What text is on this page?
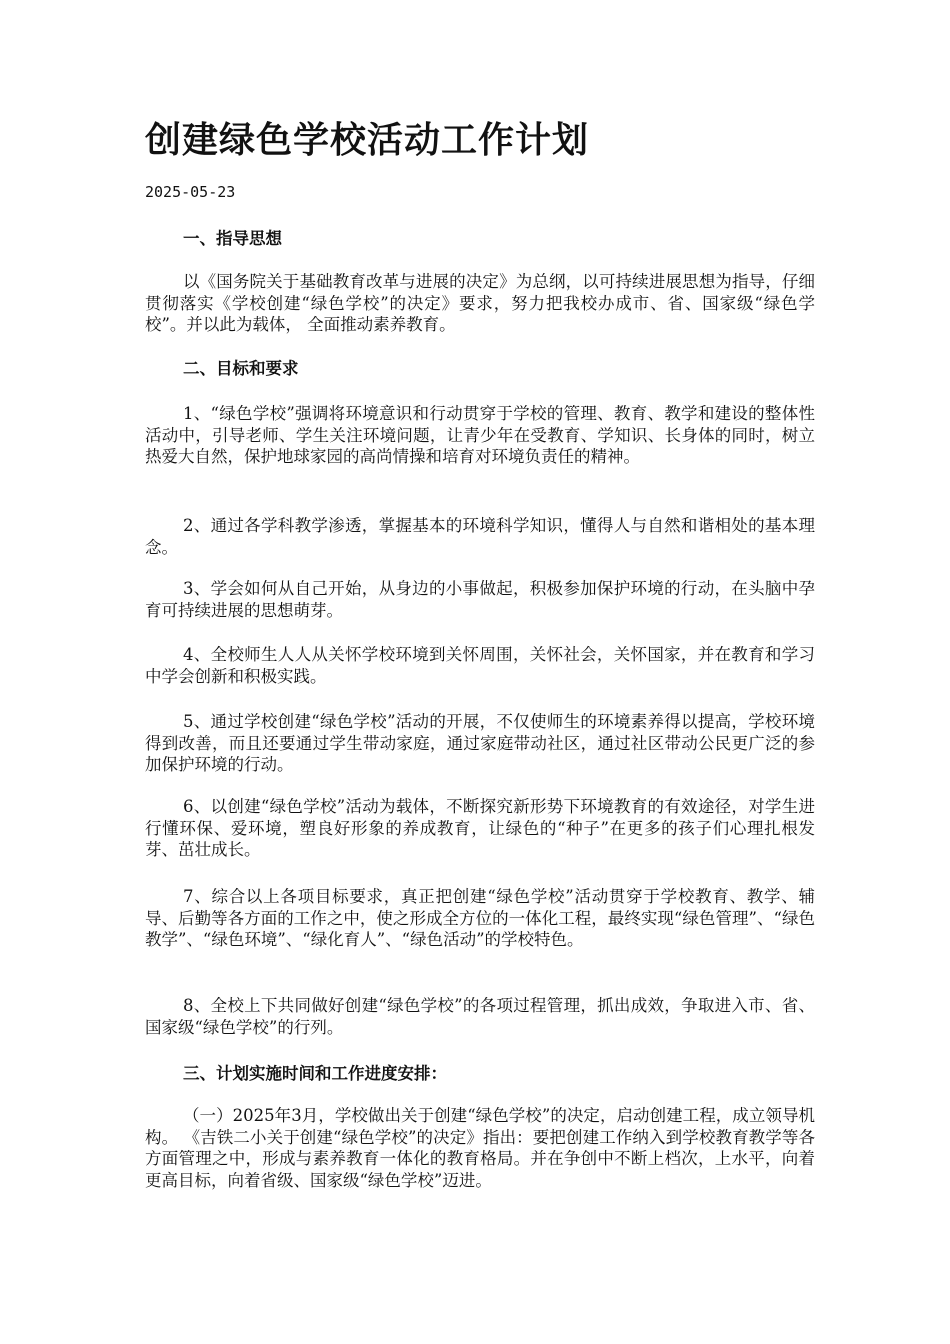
创建绿色学校活动工作计划
2025-05-23
一、指导思想
以《国务院关于基础教育改革与进展的决定》为总纲，以可持续进展思想为指导，仔细贯彻落实《学校创建“绿色学校”的决定》要求，努力把我校办成市、省、国家级“绿色学校”。并以此为载体， 全面推动素养教育。
二、目标和要求
1、“绿色学校”强调将环境意识和行动贯穿于学校的管理、教育、教学和建设的整体性活动中，引导老师、学生关注环境问题，让青少年在受教育、学知识、长身体的同时，树立热爱大自然，保护地球家园的高尚情操和培育对环境负责任的精神。
2、通过各学科教学渗透，掌握基本的环境科学知识，懂得人与自然和谐相处的基本理念。
3、学会如何从自己开始，从身边的小事做起，积极参加保护环境的行动，在头脑中孕育可持续进展的思想萌芽。
4、全校师生人人从关怀学校环境到关怀周围，关怀社会，关怀国家，并在教育和学习中学会创新和积极实践。
5、通过学校创建“绿色学校”活动的开展，不仅使师生的环境素养得以提高，学校环境得到改善，而且还要通过学生带动家庭，通过家庭带动社区，通过社区带动公民更广泛的参加保护环境的行动。
6、以创建“绿色学校”活动为载体，不断探究新形势下环境教育的有效途径，对学生进行懂环保、爱环境，塑良好形象的养成教育，让绿色的“种子”在更多的孩子们心理扎根发芽、茁壮成长。
7、综合以上各项目标要求，真正把创建“绿色学校”活动贯穿于学校教育、教学、辅导、后勤等各方面的工作之中，使之形成全方位的一体化工程，最终实现“绿色管理”、“绿色教学”、“绿色环境”、“绿化育人”、“绿色活动”的学校特色。
8、全校上下共同做好创建“绿色学校”的各项过程管理，抓出成效，争取进入市、省、国家级“绿色学校”的行列。
三、计划实施时间和工作进度安排：
（一）2025年3月，学校做出关于创建“绿色学校”的决定，启动创建工程，成立领导机构。 《吉铁二小关于创建“绿色学校”的决定》指出：要把创建工作纳入到学校教育教学等各方面管理之中，形成与素养教育一体化的教育格局。并在争创中不断上档次，上水平，向着更高目标，向着省级、国家级“绿色学校”迈进。
